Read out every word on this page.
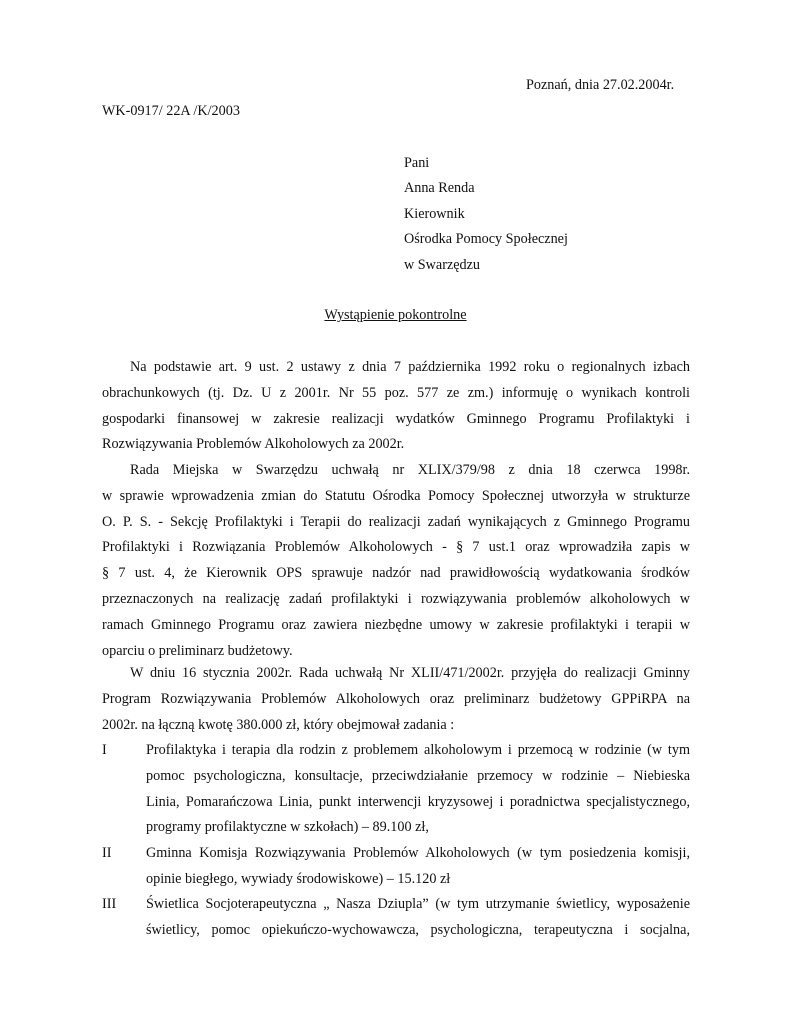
Poznań, dnia 27.02.2004r.
WK-0917/ 22A /K/2003
Pani
Anna Renda
Kierownik
Ośrodka Pomocy Społecznej
w Swarzędzu
Wystąpienie pokontrolne
Na podstawie art. 9 ust. 2 ustawy z dnia 7 października 1992 roku o regionalnych izbach
obrachunkowych (tj. Dz. U z 2001r. Nr 55 poz. 577 ze zm.) informuję o wynikach kontroli
gospodarki finansowej w zakresie realizacji wydatków Gminnego Programu Profilaktyki i
Rozwiązywania Problemów Alkoholowych za 2002r.
Rada Miejska w Swarzędzu uchwałą nr XLIX/379/98 z dnia 18 czerwca 1998r.
w sprawie wprowadzenia zmian do Statutu Ośrodka Pomocy Społecznej utworzyła w strukturze
O. P. S. - Sekcję Profilaktyki i Terapii do realizacji zadań wynikających z Gminnego Programu
Profilaktyki i Rozwiązania Problemów Alkoholowych - § 7 ust.1 oraz wprowadziła zapis w
§ 7 ust. 4, że Kierownik OPS sprawuje nadzór nad prawidłowością wydatkowania środków
przeznaczonych na realizację zadań profilaktyki i rozwiązywania problemów alkoholowych w
ramach Gminnego Programu oraz zawiera niezbędne umowy w zakresie profilaktyki i terapii w
oparciu o preliminarz budżetowy.
W dniu 16 stycznia 2002r. Rada uchwałą Nr XLII/471/2002r. przyjęła do realizacji Gminny
Program Rozwiązywania Problemów Alkoholowych oraz preliminarz budżetowy GPPiRPA na
2002r. na łączną kwotę 380.000 zł, który obejmował zadania :
I	Profilaktyka i terapia dla rodzin z problemem alkoholowym i przemocą w rodzinie (w tym
pomoc psychologiczna, konsultacje, przeciwdziałanie przemocy w rodzinie – Niebieska
Linia, Pomarańczowa Linia, punkt interwencji kryzysowej i poradnictwa specjalistycznego,
programy profilaktyczne w szkołach) – 89.100 zł,
II Gminna Komisja Rozwiązywania Problemów Alkoholowych (w tym posiedzenia komisji,
opinie biegłego, wywiady środowiskowe) – 15.120 zł
III Świetlica Socjoterapeutyczna „ Nasza Dziupla” (w tym utrzymanie świetlicy, wyposażenie
świetlicy, pomoc opiekuńczo-wychowawcza, psychologiczna, terapeutyczna i socjalna,
